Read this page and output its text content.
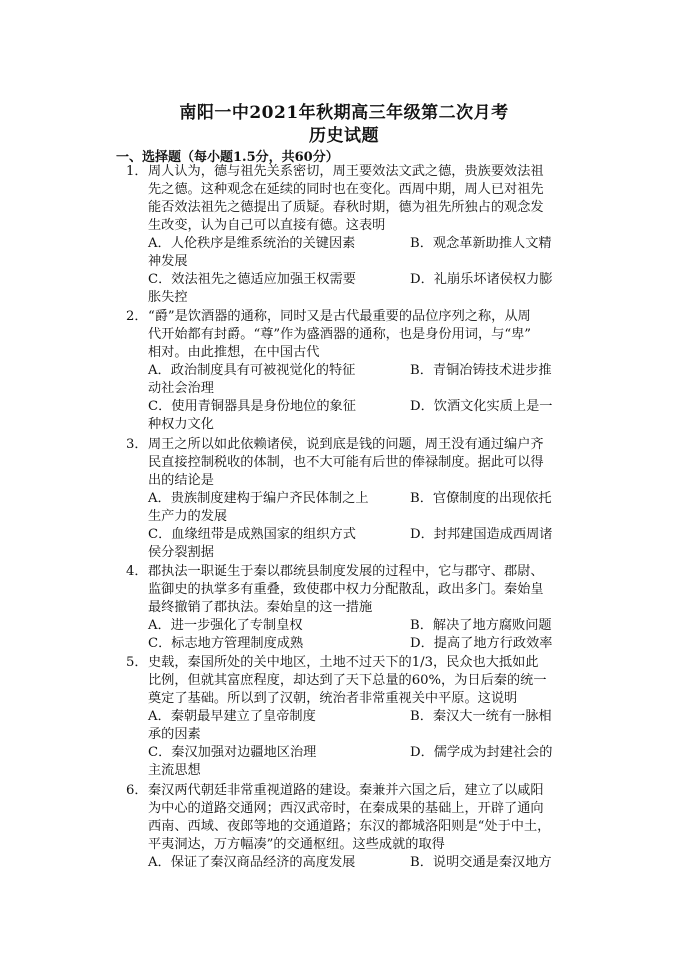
南阳一中2021年秋期高三年级第二次月考
历史试题
一、选择题（每小题1.5分，共60分）
1． 周人认为，德与祖先关系密切，周王要效法文武之德，贵族要效法祖

先之德。这种观念在延续的同时也在变化。西周中期，周人已对祖先

能否效法祖先之德提出了质疑。春秋时期，德为祖先所独占的观念发

生改变，认为自己可以直接有德。这表明

A．人伦秩序是维系统治的关键因素	B．观念革新助推人文精
神发展
C．效法祖先之德适应加强王权需要	D．礼崩乐坏诸侯权力膨
胀失控
2． “爵”是饮酒器的通称，同时又是古代最重要的品位序列之称，从周

代开始都有封爵。“尊”作为盛酒器的通称，也是身份用词，与“卑”

相对。由此推想，在中国古代

A．政治制度具有可被视觉化的特征	B．青铜冶铸技术进步推
动社会治理
C．使用青铜器具是身份地位的象征	D．饮酒文化实质上是一
种权力文化
3． 周王之所以如此依赖诸侯，说到底是钱的问题，周王没有通过编户齐

民直接控制税收的体制，也不大可能有后世的俸禄制度。据此可以得

出的结论是

A．贵族制度建构于编户齐民体制之上	B．官僚制度的出现依托
生产力的发展
C．血缘纽带是成熟国家的组织方式	D．封邦建国造成西周诸
侯分裂割据
4． 郡执法一职诞生于秦以郡统县制度发展的过程中，它与郡守、郡尉、

监御史的执掌多有重叠，致使郡中权力分配散乱，政出多门。秦始皇

最终撤销了郡执法。秦始皇的这一措施

A．进一步强化了专制皇权	B．解决了地方腐败问题
C．标志地方管理制度成熟	D．提高了地方行政效率
5． 史载，秦国所处的关中地区，土地不过天下的1/3，民众也大抵如此

比例，但就其富庶程度，却达到了天下总量的60%，为日后秦的统一

奠定了基础。所以到了汉朝，统治者非常重视关中平原。这说明

A．秦朝最早建立了皇帝制度	B．秦汉大一统有一脉相
承的因素
C．秦汉加强对边疆地区治理	D．儒学成为封建社会的
主流思想
6． 秦汉两代朝廷非常重视道路的建设。秦兼并六国之后，建立了以咸阳

为中心的道路交通网；西汉武帝时，在秦成果的基础上，开辟了通向

西南、西域、夜郎等地的交通道路；东汉的都城洛阳则是“处于中土，

平夷洞达，万方幅凑”的交通枢纽。这些成就的取得

A．保证了秦汉商品经济的高度发展	B．说明交通是秦汉地方
